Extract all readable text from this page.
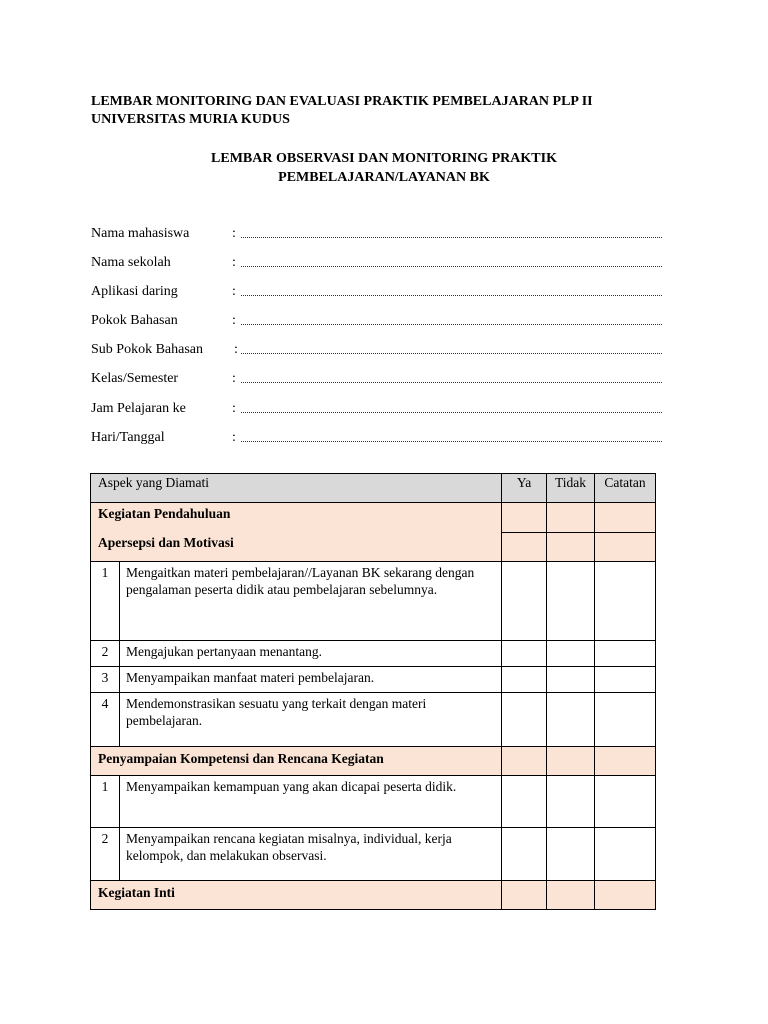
LEMBAR MONITORING DAN EVALUASI PRAKTIK PEMBELAJARAN PLP II
UNIVERSITAS MURIA KUDUS
LEMBAR OBSERVASI DAN MONITORING PRAKTIK
PEMBELAJARAN/LAYANAN BK
Nama mahasiswa	:
Nama sekolah	:
Aplikasi daring	:
Pokok Bahasan	:
Sub Pokok Bahasan :
Kelas/Semester	:
Jam Pelajaran ke	:
Hari/Tanggal	:
Aspek yang Diamati		Ya	Tidak	Catatan

Kegiatan Pendahuluan
Apersepsi dan Motivasi				

1	Mengaitkan materi pembelajaran//Layanan BK sekarang dengan pengalaman peserta didik atau pembelajaran sebelumnya.			
2	Mengajukan pertanyaan menantang.			
3	Menyampaikan manfaat materi pembelajaran.			
4	Mendemonstrasikan sesuatu yang terkait dengan materi pembelajaran.			
Penyampaian Kompetensi dan Rencana Kegiatan				
1	Menyampaikan kemampuan yang akan dicapai peserta didik.			
2	Menyampaikan rencana kegiatan misalnya, individual, kerja kelompok, dan melakukan observasi.			
Kegiatan Inti				
